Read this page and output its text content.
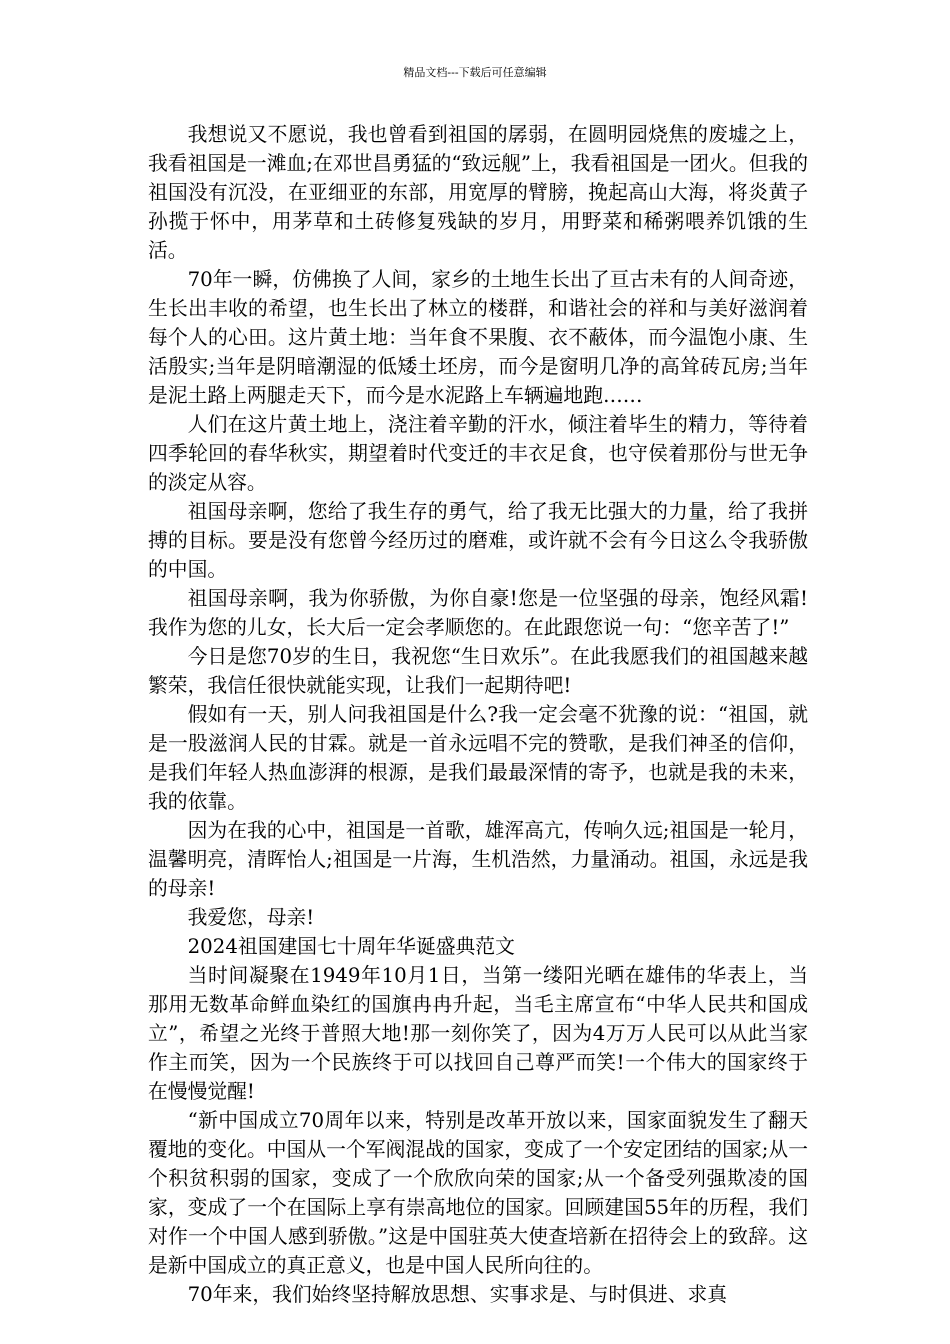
精品文档---下载后可任意编辑

我想说又不愿说，我也曾看到祖国的孱弱，在圆明园烧焦的废墟之上，我看祖国是一滩血;在邓世昌勇猛的“致远舰”上，我看祖国是一团火。但我的祖国没有沉没，在亚细亚的东部，用宽厚的臂膀，挽起高山大海，将炎黄子孙揽于怀中，用茅草和土砖修复残缺的岁月，用野菜和稀粥喂养饥饿的生活。

70年一瞬，仿佛换了人间，家乡的土地生长出了亘古未有的人间奇迹，生长出丰收的希望，也生长出了林立的楼群，和谐社会的祥和与美好滋润着每个人的心田。这片黄土地：当年食不果腹、衣不蔽体，而今温饱小康、生活殷实;当年是阴暗潮湿的低矮土坯房，而今是窗明几净的高耸砖瓦房;当年是泥土路上两腿走天下，而今是水泥路上车辆遍地跑……

人们在这片黄土地上，浇注着辛勤的汗水，倾注着毕生的精力，等待着四季轮回的春华秋实，期望着时代变迁的丰衣足食，也守侯着那份与世无争的淡定从容。

祖国母亲啊，您给了我生存的勇气，给了我无比强大的力量，给了我拼搏的目标。要是没有您曾今经历过的磨难，或许就不会有今日这么令我骄傲的中国。

祖国母亲啊，我为你骄傲，为你自豪!您是一位坚强的母亲，饱经风霜!我作为您的儿女，长大后一定会孝顺您的。在此跟您说一句：“您辛苦了!”

今日是您70岁的生日，我祝您“生日欢乐”。在此我愿我们的祖国越来越繁荣，我信任很快就能实现，让我们一起期待吧!

假如有一天，别人问我祖国是什么?我一定会毫不犹豫的说：“祖国，就是一股滋润人民的甘霖。就是一首永远唱不完的赞歌，是我们神圣的信仰，是我们年轻人热血澎湃的根源，是我们最最深情的寄予，也就是我的未来，我的依靠。

因为在我的心中，祖国是一首歌，雄浑高亢，传响久远;祖国是一轮月，温馨明亮，清晖怡人;祖国是一片海，生机浩然，力量涌动。祖国，永远是我的母亲!

我爱您，母亲!

2024祖国建国七十周年华诞盛典范文

当时间凝聚在1949年10月1日，当第一缕阳光晒在雄伟的华表上，当那用无数革命鲜血染红的国旗冉冉升起，当毛主席宣布“中华人民共和国成立”，希望之光终于普照大地!那一刻你笑了，因为4万万人民可以从此当家作主而笑，因为一个民族终于可以找回自己尊严而笑!一个伟大的国家终于在慢慢觉醒!

“新中国成立70周年以来，特别是改革开放以来，国家面貌发生了翻天覆地的变化。中国从一个军阀混战的国家，变成了一个安定团结的国家;从一个积贫积弱的国家，变成了一个欣欣向荣的国家;从一个备受列强欺凌的国家，变成了一个在国际上享有崇高地位的国家。回顾建国55年的历程，我们对作一个中国人感到骄傲。”这是中国驻英大使查培新在招待会上的致辞。这是新中国成立的真正意义，也是中国人民所向往的。

70年来，我们始终坚持解放思想、实事求是、与时俱进、求真
